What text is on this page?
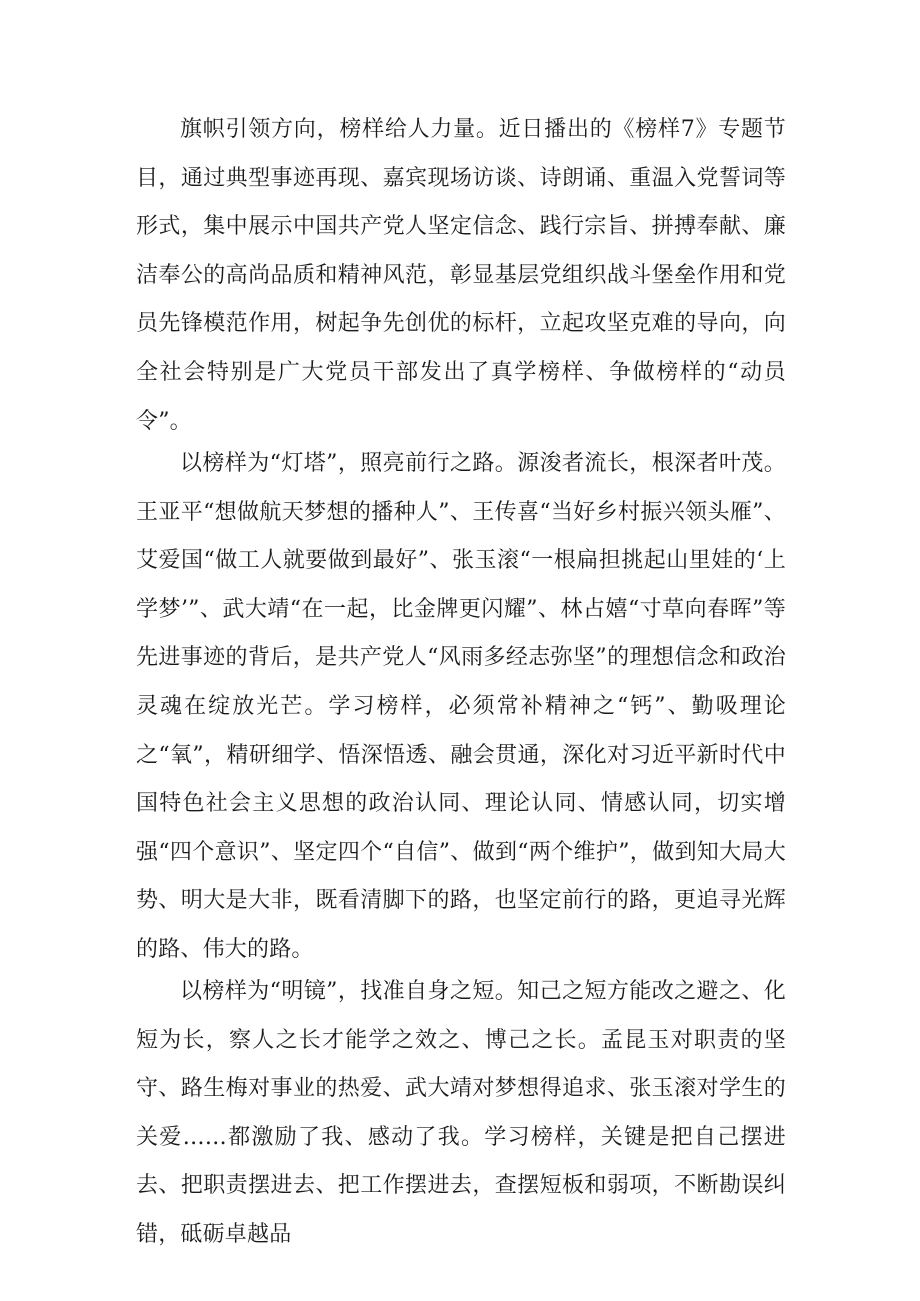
旗帜引领方向，榜样给人力量。近日播出的《榜样7》专题节目，通过典型事迹再现、嘉宾现场访谈、诗朗诵、重温入党誓词等形式，集中展示中国共产党人坚定信念、践行宗旨、拼搏奉献、廉洁奉公的高尚品质和精神风范，彰显基层党组织战斗堡垒作用和党员先锋模范作用，树起争先创优的标杆，立起攻坚克难的导向，向全社会特别是广大党员干部发出了真学榜样、争做榜样的“动员令”。

以榜样为“灯塔”，照亮前行之路。源浚者流长，根深者叶茂。王亚平“想做航天梦想的播种人”、王传喜“当好乡村振兴领头雁”、艾爱国“做工人就要做到最好”、张玉滚“一根扁担挑起山里娃的‘上学梦’”、武大靖“在一起，比金牌更闪耀”、林占嬉“寸草向春晖”等先进事迹的背后，是共产党人“风雨多经志弥坚”的理想信念和政治灵魂在绽放光芒。学习榜样，必须常补精神之“钙”、勤吸理论之“氧”，精研细学、悟深悟透、融会贯通，深化对习近平新时代中国特色社会主义思想的政治认同、理论认同、情感认同，切实增强“四个意识”、坚定四个“自信”、做到“两个维护”，做到知大局大势、明大是大非，既看清脚下的路，也坚定前行的路，更追寻光辉的路、伟大的路。

以榜样为“明镜”，找准自身之短。知己之短方能改之避之、化短为长，察人之长才能学之效之、博己之长。孟昆玉对职责的坚守、路生梅对事业的热爱、武大靖对梦想得追求、张玉滚对学生的关爱……都激励了我、感动了我。学习榜样，关键是把自己摆进去、把职责摆进去、把工作摆进去，查摆短板和弱项，不断勘误纠错，砥砺卓越品
